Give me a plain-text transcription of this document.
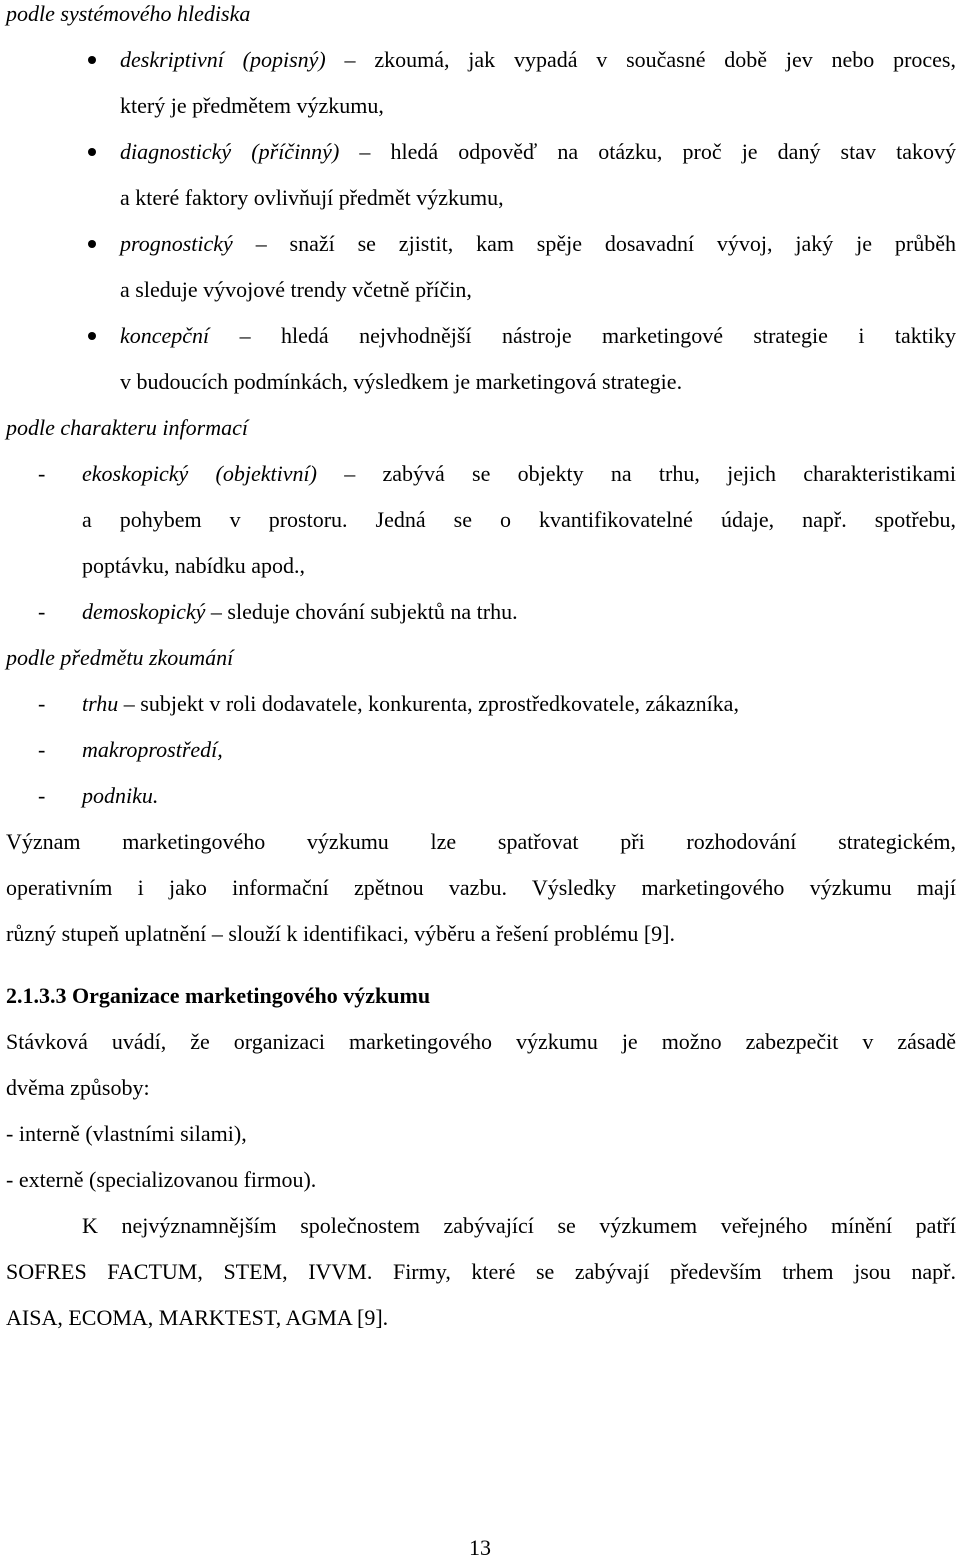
podle systémového hlediska
deskriptivní (popisný) – zkoumá, jak vypadá v současné době jev nebo proces,
který je předmětem výzkumu,
diagnostický (příčinný) – hledá odpověď na otázku, proč je daný stav takový
a které faktory ovlivňují předmět výzkumu,
prognostický – snaží se zjistit, kam spěje dosavadní vývoj, jaký je průběh
a sleduje vývojové trendy včetně příčin,
koncepční – hledá nejvhodnější nástroje marketingové strategie i taktiky
v budoucích podmínkách, výsledkem je marketingová strategie.
podle charakteru informací
- ekoskopický (objektivní) – zabývá se objekty na trhu, jejich charakteristikami
a pohybem v prostoru. Jedná se o kvantifikovatelné údaje, např. spotřebu,
poptávku, nabídku apod.,
- demoskopický – sleduje chování subjektů na trhu.
podle předmětu zkoumání
- trhu – subjekt v roli dodavatele, konkurenta, zprostředkovatele, zákazníka,
- makroprostředí,
- podniku.
Význam marketingového výzkumu lze spatřovat při rozhodování strategickém,
operativním i jako informační zpětnou vazbu. Výsledky marketingového výzkumu mají
různý stupeň uplatnění – slouží k identifikaci, výběru a řešení problému [9].
2.1.3.3 Organizace marketingového výzkumu
Stávková uvádí, že organizaci marketingového výzkumu je možno zabezpečit v zásadě
dvěma způsoby:
- interně (vlastními silami),
- externě (specializovanou firmou).
K nejvýznamnějším společnostem zabývající se výzkumem veřejného mínění patří
SOFRES FACTUM, STEM, IVVM. Firmy, které se zabývají především trhem jsou např.
AISA, ECOMA, MARKTEST, AGMA [9].
13
